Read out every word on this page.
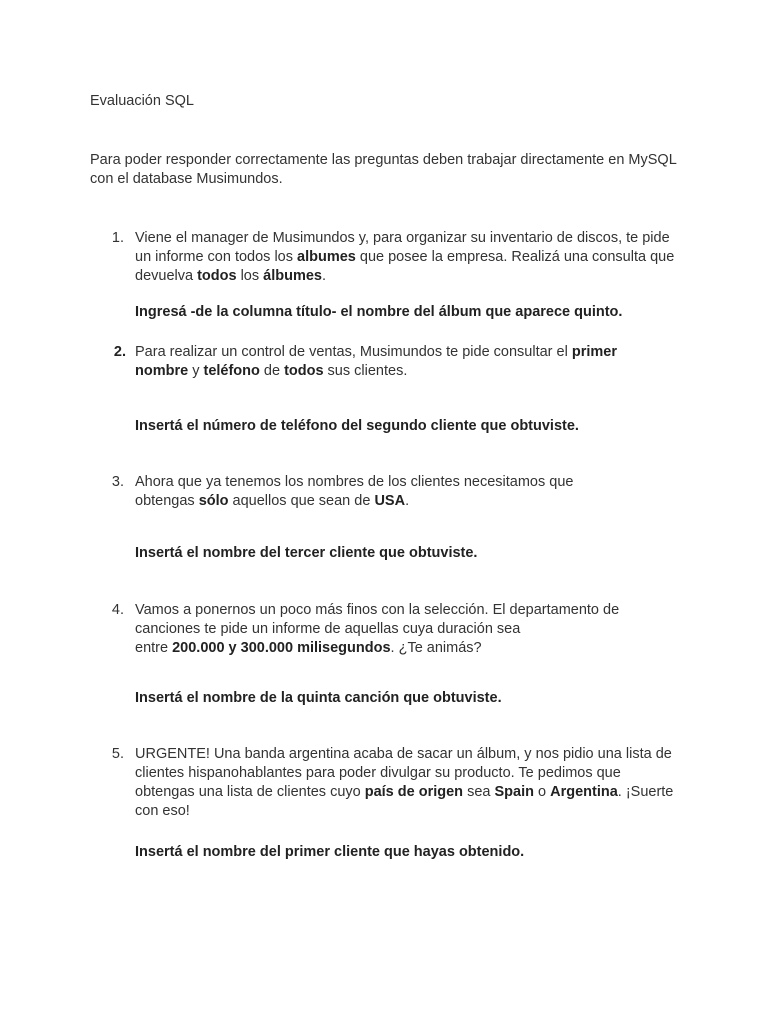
Evaluación SQL
Para poder responder correctamente las preguntas deben trabajar directamente en MySQL
con el database Musimundos.
1. Viene el manager de Musimundos y, para organizar su inventario de discos, te pide
un informe con todos los albumes que posee la empresa. Realizá una consulta que
devuelva todos los álbumes.
Ingresá -de la columna título- el nombre del álbum que aparece quinto.
2. Para realizar un control de ventas, Musimundos te pide consultar el primer
nombre y teléfono de todos sus clientes.
Insertá el número de teléfono del segundo cliente que obtuviste.
3. Ahora que ya tenemos los nombres de los clientes necesitamos que
obtengas sólo aquellos que sean de USA.
Insertá el nombre del tercer cliente que obtuviste.
4. Vamos a ponernos un poco más finos con la selección. El departamento de
canciones te pide un informe de aquellas cuya duración sea
entre 200.000 y 300.000 milisegundos. ¿Te animás?
Insertá el nombre de la quinta canción que obtuviste.
5. URGENTE! Una banda argentina acaba de sacar un álbum, y nos pidio una lista de
clientes hispanohablantes para poder divulgar su producto. Te pedimos que
obtengas una lista de clientes cuyo país de origen sea Spain o Argentina. ¡Suerte
con eso!
Insertá el nombre del primer cliente que hayas obtenido.
